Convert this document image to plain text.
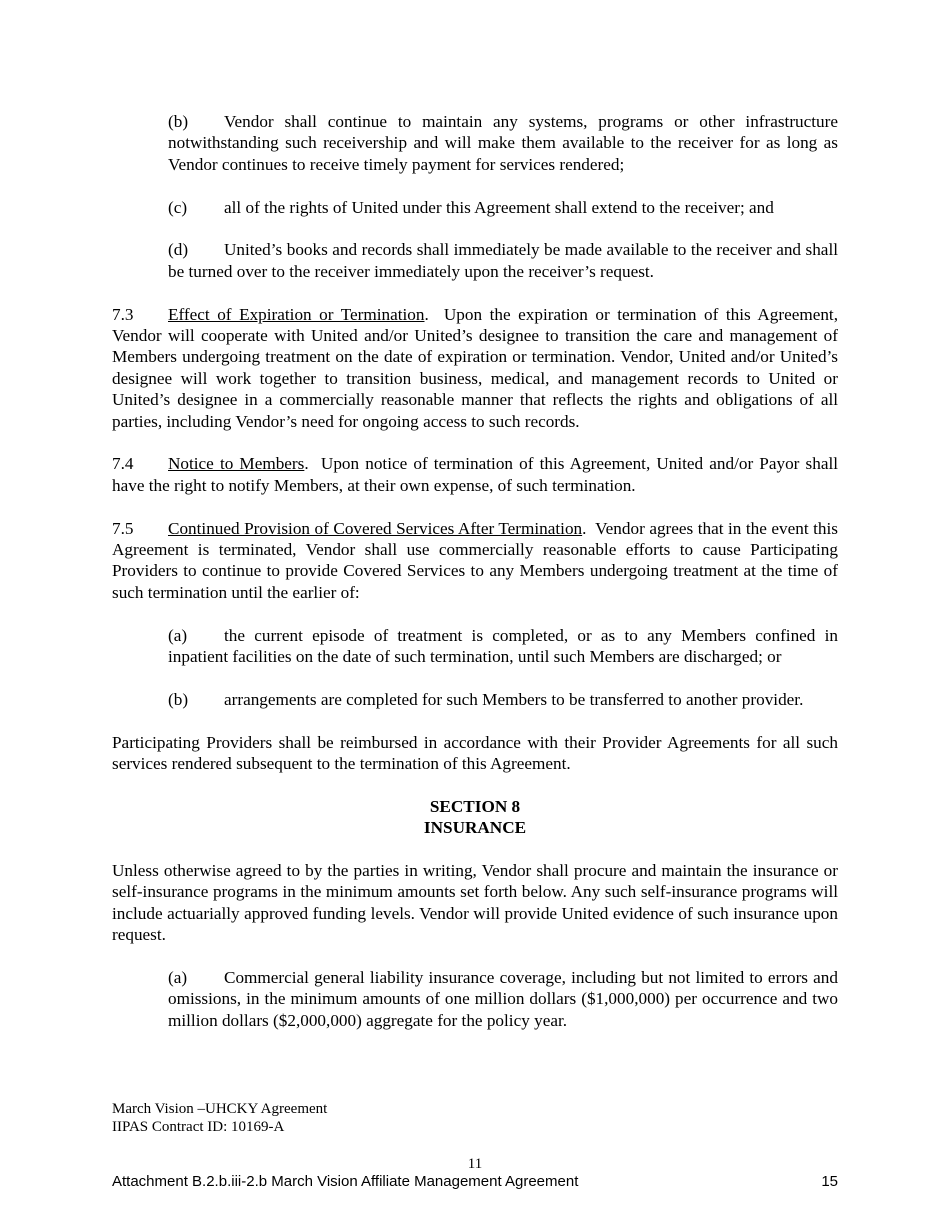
(b) Vendor shall continue to maintain any systems, programs or other infrastructure notwithstanding such receivership and will make them available to the receiver for as long as Vendor continues to receive timely payment for services rendered;

(c) all of the rights of United under this Agreement shall extend to the receiver; and

(d) United’s books and records shall immediately be made available to the receiver and shall be turned over to the receiver immediately upon the receiver’s request.

7.3 Effect of Expiration or Termination.  Upon the expiration or termination of this Agreement, Vendor will cooperate with United and/or United’s designee to transition the care and management of Members undergoing treatment on the date of expiration or termination. Vendor, United and/or United’s designee will work together to transition business, medical, and management records to United or United’s designee in a commercially reasonable manner that reflects the rights and obligations of all parties, including Vendor’s need for ongoing access to such records.

7.4 Notice to Members.  Upon notice of termination of this Agreement, United and/or Payor shall have the right to notify Members, at their own expense, of such termination.

7.5 Continued Provision of Covered Services After Termination.  Vendor agrees that in the event this Agreement is terminated, Vendor shall use commercially reasonable efforts to cause Participating Providers to continue to provide Covered Services to any Members undergoing treatment at the time of such termination until the earlier of:

(a) the current episode of treatment is completed, or as to any Members confined in inpatient facilities on the date of such termination, until such Members are discharged; or

(b) arrangements are completed for such Members to be transferred to another provider.

Participating Providers shall be reimbursed in accordance with their Provider Agreements for all such services rendered subsequent to the termination of this Agreement.

SECTION 8

INSURANCE

Unless otherwise agreed to by the parties in writing, Vendor shall procure and maintain the insurance or self-insurance programs in the minimum amounts set forth below. Any such self-insurance programs will include actuarially approved funding levels. Vendor will provide United evidence of such insurance upon request.

(a) Commercial general liability insurance coverage, including but not limited to errors and omissions, in the minimum amounts of one million dollars ($1,000,000) per occurrence and two million dollars ($2,000,000) aggregate for the policy year.

March Vision –UHCKY Agreement
IIPAS Contract ID: 10169-A
11
Attachment B.2.b.iii-2.b March Vision Affiliate Management Agreement	15
